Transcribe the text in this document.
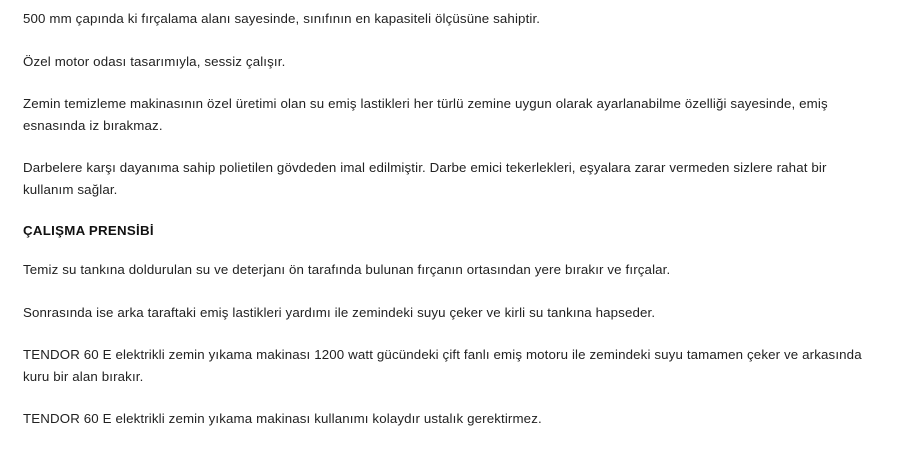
500 mm çapında ki fırçalama alanı sayesinde, sınıfının en kapasiteli ölçüsüne sahiptir.

Özel motor odası tasarımıyla, sessiz çalışır.

Zemin temizleme makinasının özel üretimi olan su emiş lastikleri her türlü zemine uygun olarak ayarlanabilme özelliği sayesinde, emiş esnasında iz bırakmaz.

Darbelere karşı dayanıma sahip polietilen gövdeden imal edilmiştir. Darbe emici tekerlekleri, eşyalara zarar vermeden sizlere rahat bir kullanım sağlar.

ÇALIŞMA PRENSİBİ

Temiz su tankına doldurulan su ve deterjanı ön tarafında bulunan fırçanın ortasından yere bırakır ve fırçalar.

Sonrasında ise arka taraftaki emiş lastikleri yardımı ile zemindeki suyu çeker ve kirli su tankına hapseder.

TENDOR 60 E elektrikli zemin yıkama makinası 1200 watt gücündeki çift fanlı emiş motoru ile zemindeki suyu tamamen çeker ve arkasında kuru bir alan bırakır.

TENDOR 60 E elektrikli zemin yıkama makinası kullanımı kolaydır ustalık gerektirmez.
